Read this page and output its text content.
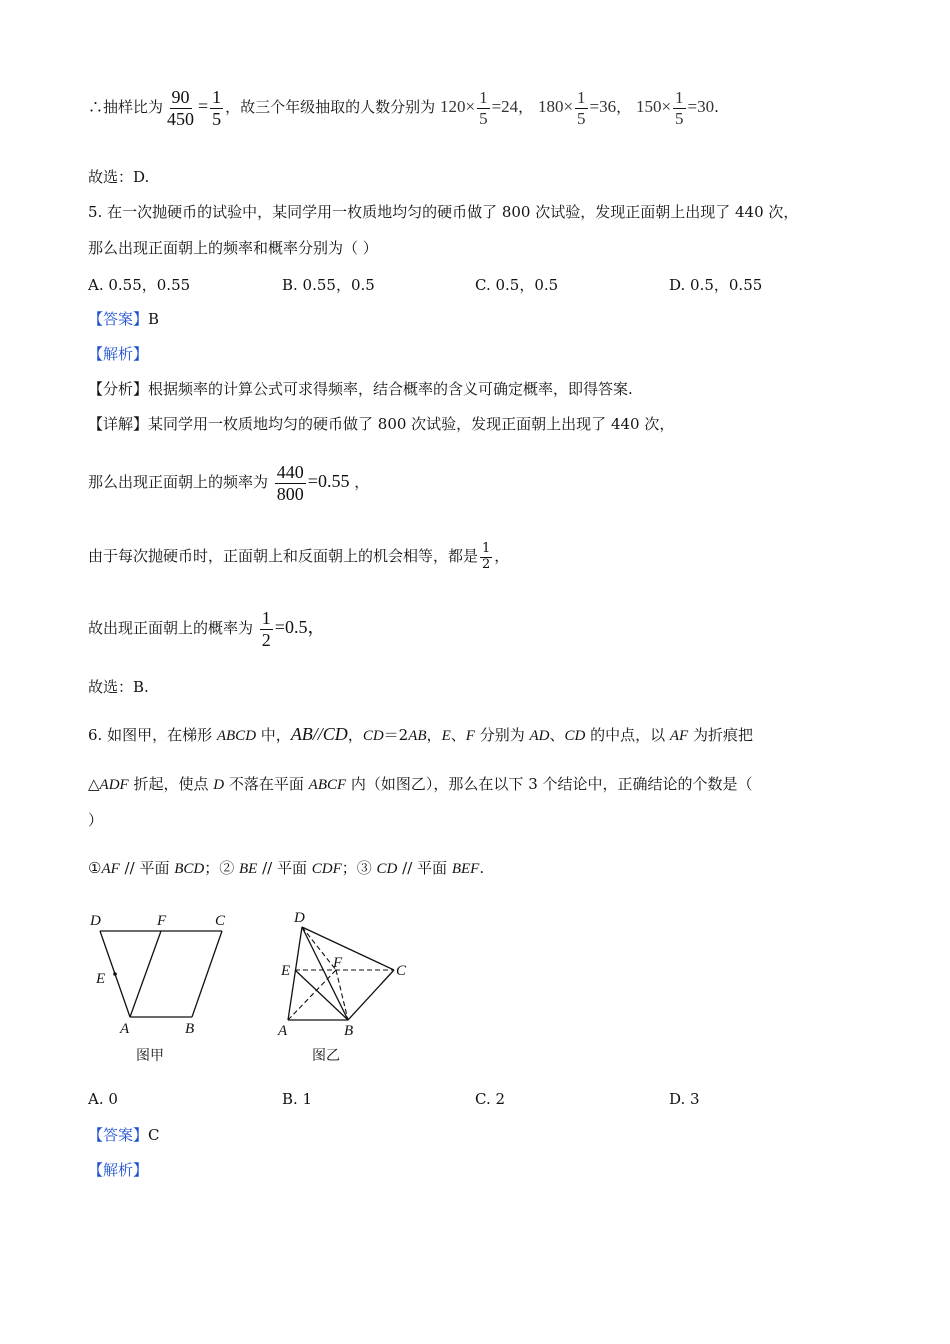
∴抽样比为 $\frac{90}{450} = \frac{1}{5}$ ，故三个年级抽取的人数分别为 $120\times \frac{1}{5} =24$， $180\times \frac{1}{5} =36$， $150\times \frac{1}{5} =30$.
故选：D.
5. 在一次抛硬币的试验中，某同学用一枚质地均匀的硬币做了 800 次试验，发现正面朝上出现了 440 次，
那么出现正面朝上的频率和概率分别为（ ）
A. 0.55，0.55	B. 0.55，0.5	C. 0.5，0.5	D. 0.5，0.55
【答案】B
【解析】
【分析】根据频率的计算公式可求得频率，结合概率的含义可确定概率，即得答案.
【详解】某同学用一枚质地均匀的硬币做了 800 次试验，发现正面朝上出现了 440 次，
那么出现正面朝上的频率为 $\frac{440}{800} =0.55$ ，
由于每次抛硬币时，正面朝上和反面朝上的机会相等，都是 $\frac{1}{2}$ ，
故出现正面朝上的概率为 $\frac{1}{2} =0.5$，
故选：B.
6. 如图甲，在梯形 ABCD 中，AB//CD，CD＝2AB，E、F 分别为 AD、CD 的中点，以 AF 为折痕把
△ADF 折起，使点 D 不落在平面 ABCF 内（如图乙），那么在以下 3 个结论中，正确结论的个数是（
）
①AF // 平面 BCD；② BE // 平面 CDF；③ CD // 平面 BEF.
D	F	C
E
A	B
图甲
D
E	F	C
A	B
图乙
A. 0	B. 1	C. 2	D. 3
【答案】C
【解析】
